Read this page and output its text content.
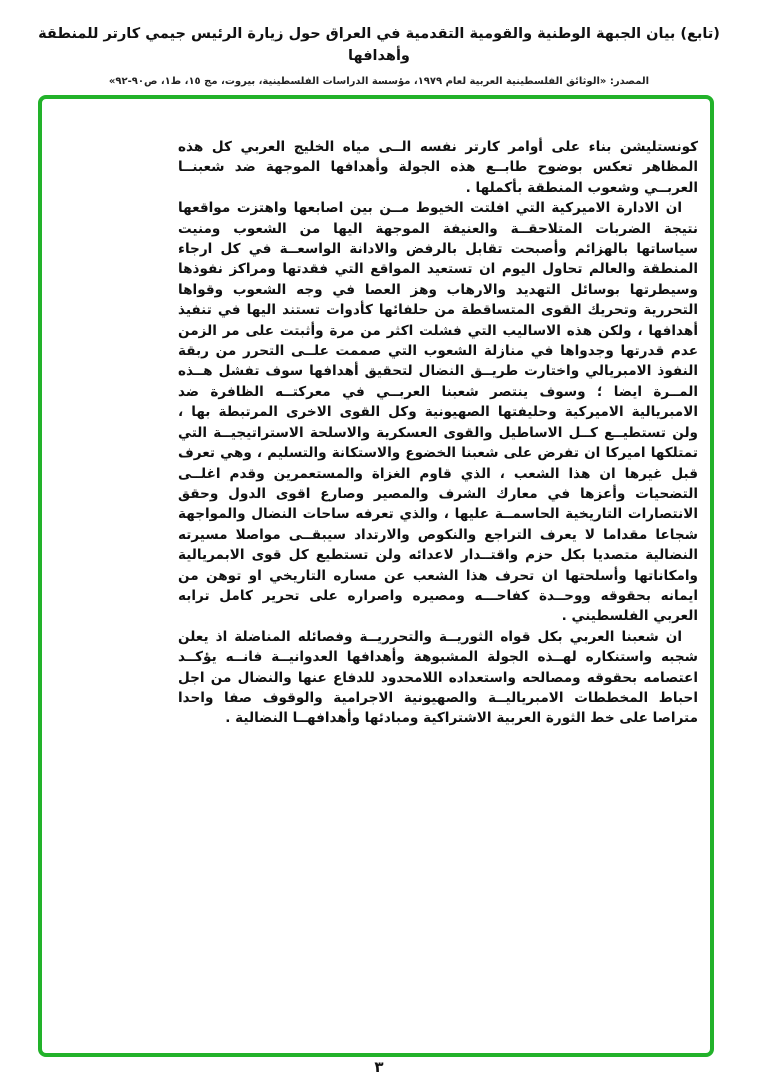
(تابع) بيان الجبهة الوطنية والقومية التقدمية في العراق حول زيارة الرئيس جيمي كارتر للمنطقة وأهدافها
المصدر: «الوثائق الفلسطينية العربية لعام ١٩٧٩، مؤسسة الدراسات الفلسطينية، بيروت، مج ١٥، ط١، ص٩٠-٩٢»

كونستليشن بناء على أوامر كارتر نفسه الــى مياه الخليج العربي كل هذه المظاهر تعكس بوضوح طابــع هذه الجولة وأهدافها الموجهة ضد شعبنــا العربــي وشعوب المنطقة بأكملها .

ان الادارة الاميركية التي افلتت الخيوط مــن بين اصابعها واهتزت مواقعها نتيجة الضربات المتلاحقــة والعنيفة الموجهة اليها من الشعوب ومنيت سياساتها بالهزائم وأصبحت تقابل بالرفض والادانة الواسعــة في كل ارجاء المنطقة والعالم تحاول اليوم ان تستعيد المواقع التي فقدتها ومراكز نفوذها وسيطرتها بوسائل التهديد والارهاب وهز العصا في وجه الشعوب وقواها التحررية وتحريك القوى المتساقطة من حلفائها كأدوات تستند اليها في تنفيذ أهدافها ، ولكن هذه الاساليب التي فشلت اكثر من مرة وأثبتت على مر الزمن عدم قدرتها وجدواها في منازلة الشعوب التي صممت علــى التحرر من ربقة النفوذ الامبريالي واختارت طريــق النضال لتحقيق أهدافها سوف تفشل هــذه المــرة ايضا ؛ وسوف ينتصر شعبنا العربــي في معركتــه الظافرة ضد الامبريالية الاميركية وحليفتها الصهيونية وكل القوى الاخرى المرتبطة بها ، ولن تستطيــع كــل الاساطيل والقوى العسكرية والاسلحة الاستراتيجيــة التي تمتلكها اميركا ان تفرض على شعبنا الخضوع والاستكانة والتسليم ، وهي تعرف قبل غيرها ان هذا الشعب ، الذي قاوم الغزاة والمستعمرين وقدم اغلــى التضحيات وأعزها في معارك الشرف والمصير وصارع اقوى الدول وحقق الانتصارات التاريخية الحاسمــة عليها ، والذي تعرفه ساحات النضال والمواجهة شجاعا مقداما لا يعرف التراجع والنكوص والارتداد سيبقــى مواصلا مسيرته النضالية متصديا بكل حزم واقتــدار لاعدائه ولن تستطيع كل قوى الابمريالية وامكاناتها وأسلحتها ان تحرف هذا الشعب عن مساره التاريخي او توهن من ايمانه بحقوقه ووحــدة كفاحـــه ومصيره واصراره على تحرير كامل ترابه العربي الفلسطيني .

ان شعبنا العربي بكل قواه الثوريــة والتحرريــة وفصائله المناضلة اذ يعلن شجبه واستنكاره لهــذه الجولة المشبوهة وأهدافها العدوانيــة فانــه يؤكــد اعتصامه بحقوقه ومصالحه واستعداده اللامحدود للدفاع عنها والنضال من اجل احباط المخططات الامبرياليــة والصهيونية الاجرامية والوقوف صفا واحدا متراصا على خط الثورة العربية الاشتراكية ومبادئها وأهدافهــا النضالية .

٣
